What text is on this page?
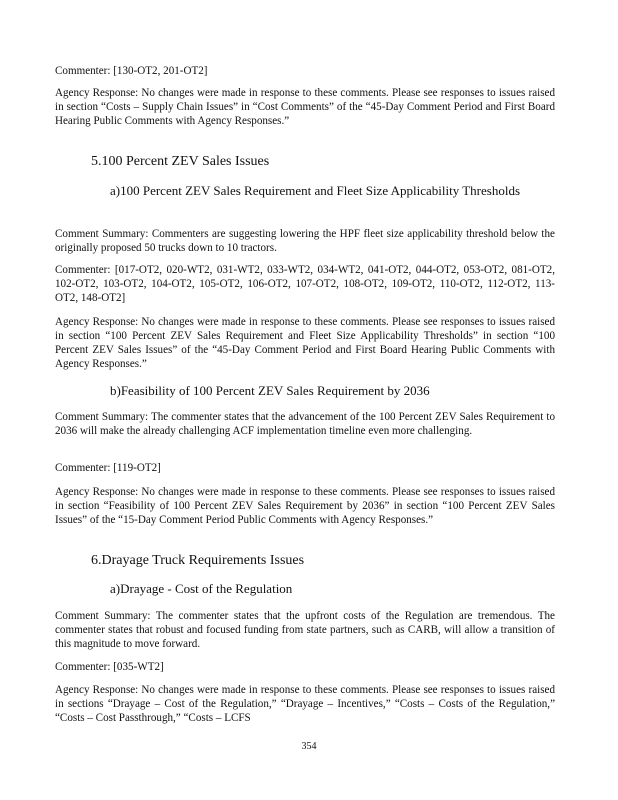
Commenter: [130-OT2, 201-OT2]

Agency Response: No changes were made in response to these comments. Please see responses to issues raised in section “Costs – Supply Chain Issues” in “Cost Comments” of the “45-Day Comment Period and First Board Hearing Public Comments with Agency Responses.”

5.100 Percent ZEV Sales Issues
a)100 Percent ZEV Sales Requirement and Fleet Size Applicability Thresholds

Comment Summary: Commenters are suggesting lowering the HPF fleet size applicability threshold below the originally proposed 50 trucks down to 10 tractors.

Commenter: [017-OT2, 020-WT2, 031-WT2, 033-WT2, 034-WT2, 041-OT2, 044-OT2, 053-OT2, 081-OT2, 102-OT2, 103-OT2, 104-OT2, 105-OT2, 106-OT2, 107-OT2, 108-OT2, 109-OT2, 110-OT2, 112-OT2, 113-OT2, 148-OT2]

Agency Response: No changes were made in response to these comments. Please see responses to issues raised in section “100 Percent ZEV Sales Requirement and Fleet Size Applicability Thresholds” in section “100 Percent ZEV Sales Issues” of the “45-Day Comment Period and First Board Hearing Public Comments with Agency Responses.”

b)Feasibility of 100 Percent ZEV Sales Requirement by 2036

Comment Summary: The commenter states that the advancement of the 100 Percent ZEV Sales Requirement to 2036 will make the already challenging ACF implementation timeline even more challenging.

Commenter: [119-OT2]

Agency Response: No changes were made in response to these comments. Please see responses to issues raised in section “Feasibility of 100 Percent ZEV Sales Requirement by 2036” in section “100 Percent ZEV Sales Issues” of the “15-Day Comment Period Public Comments with Agency Responses.”

6.Drayage Truck Requirements Issues
a)Drayage - Cost of the Regulation

Comment Summary: The commenter states that the upfront costs of the Regulation are tremendous. The commenter states that robust and focused funding from state partners, such as CARB, will allow a transition of this magnitude to move forward.

Commenter: [035-WT2]

Agency Response: No changes were made in response to these comments. Please see responses to issues raised in sections “Drayage – Cost of the Regulation,” “Drayage – Incentives,” “Costs – Costs of the Regulation,” “Costs – Cost Passthrough,” “Costs – LCFS

354
